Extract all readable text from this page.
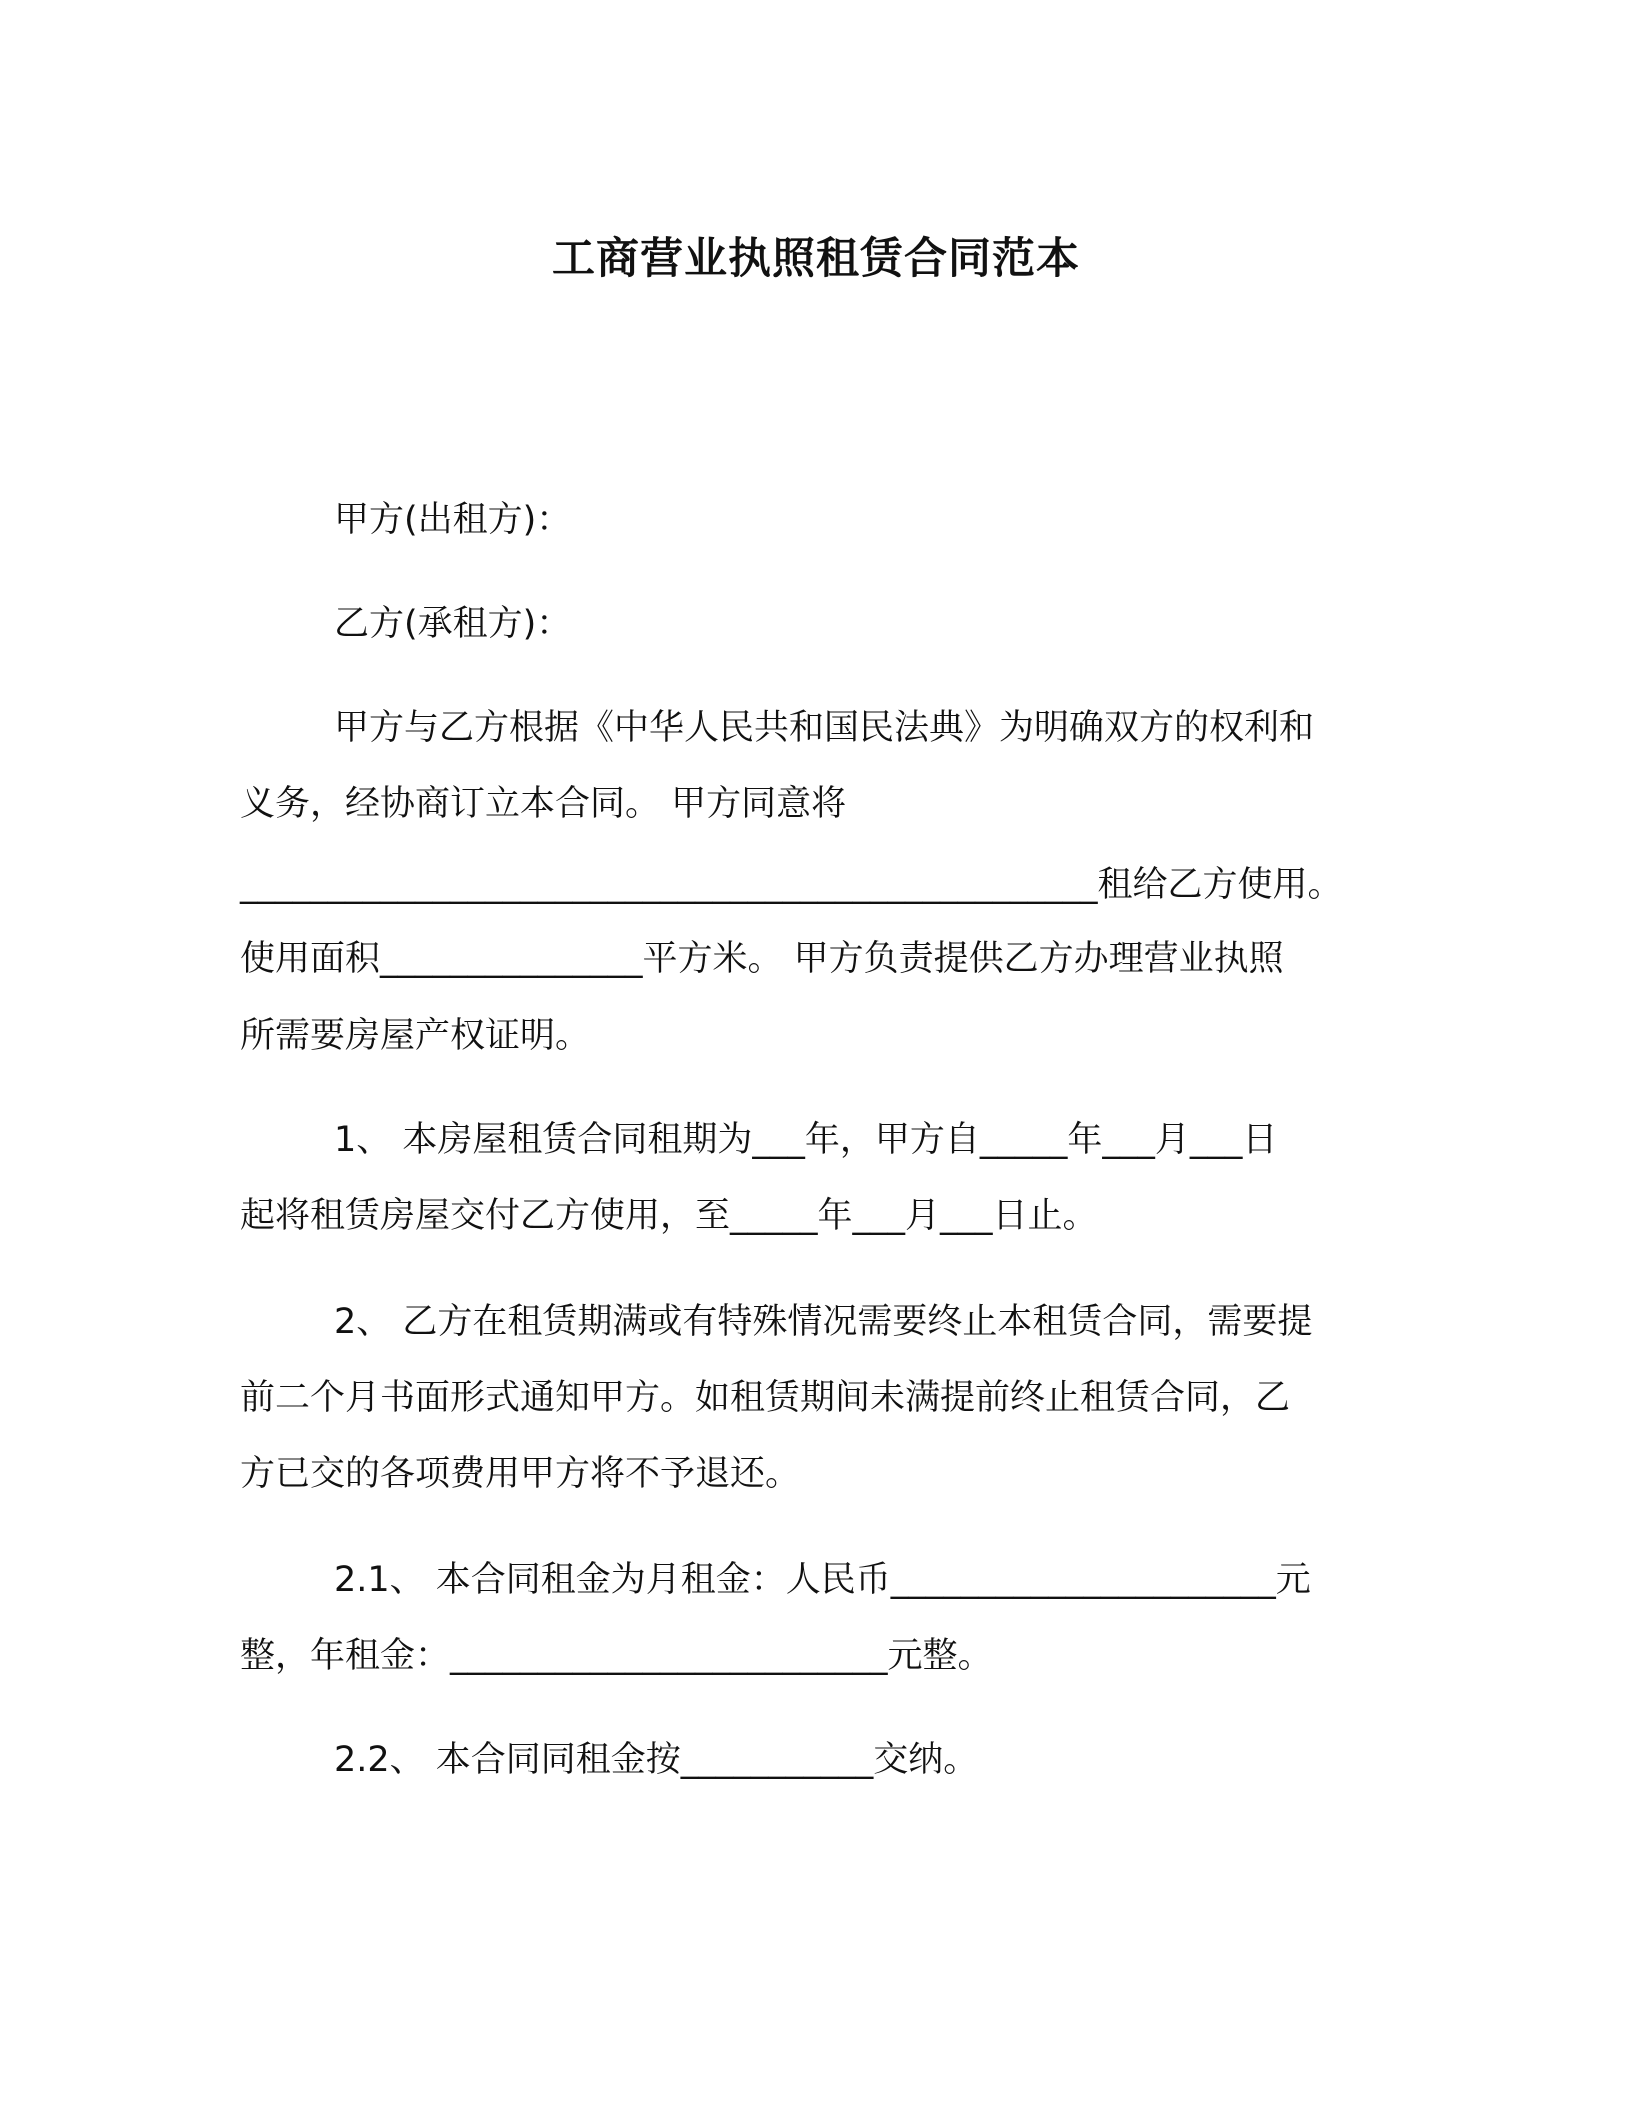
工商营业执照租赁合同范本
甲方(出租方)：
乙方(承租方)：
甲方与乙方根据《中华人民共和国民法典》为明确双方的权利和
义务，经协商订立本合同。 甲方同意将
_________________________________________________租给乙方使用。
使用面积_______________平方米。 甲方负责提供乙方办理营业执照
所需要房屋产权证明。
1、 本房屋租赁合同租期为___年，甲方自_____年___月___日
起将租赁房屋交付乙方使用，至_____年___月___日止。
2、 乙方在租赁期满或有特殊情况需要终止本租赁合同，需要提
前二个月书面形式通知甲方。如租赁期间未满提前终止租赁合同，乙
方已交的各项费用甲方将不予退还。
2.1、 本合同租金为月租金：人民币______________________元
整，年租金：_________________________元整。
2.2、 本合同同租金按___________交纳。
